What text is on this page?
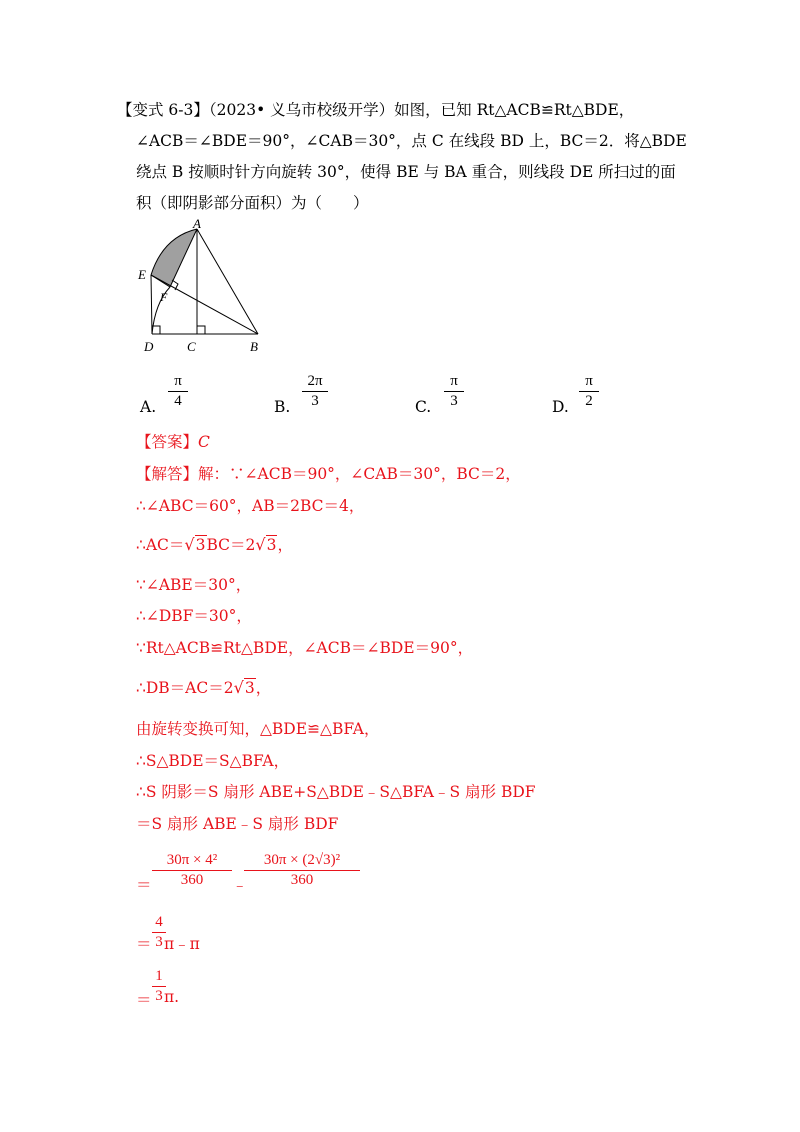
【变式 6-3】（2023• 义乌市校级开学）如图，已知 Rt△ACB≌Rt△BDE，
∠ACB＝∠BDE＝90°，∠CAB＝30°，点 C 在线段 BD 上，BC＝2．将△BDE
绕点 B 按顺时针方向旋转 30°，使得 BE 与 BA 重合，则线段 DE 所扫过的面
积（即阴影部分面积）为（　　）
A
E
F
D	C	B
A.
π
4	B.
2π
3	C.
π
3	D.
π
2
【答案】C
【解答】解：∵∠ACB＝90°，∠CAB＝30°，BC＝2，
∴∠ABC＝60°，AB＝2BC＝4，
∴AC＝√3BC＝2√3，
∵∠ABE＝30°，
∴∠DBF＝30°，
∵Rt△ACB≌Rt△BDE，∠ACB＝∠BDE＝90°，
∴DB＝AC＝2√3，
由旋转变换可知，△BDE≌△BFA，
∴S△BDE＝S△BFA，
∴S 阴影＝S 扇形 ABE+S△BDE﹣S△BFA﹣S 扇形 BDF
＝S 扇形 ABE﹣S 扇形 BDF
＝
30π × 4²
360	﹣
30π × (2√3)²
360
＝
4
3 π﹣π
＝
1
3 π.
